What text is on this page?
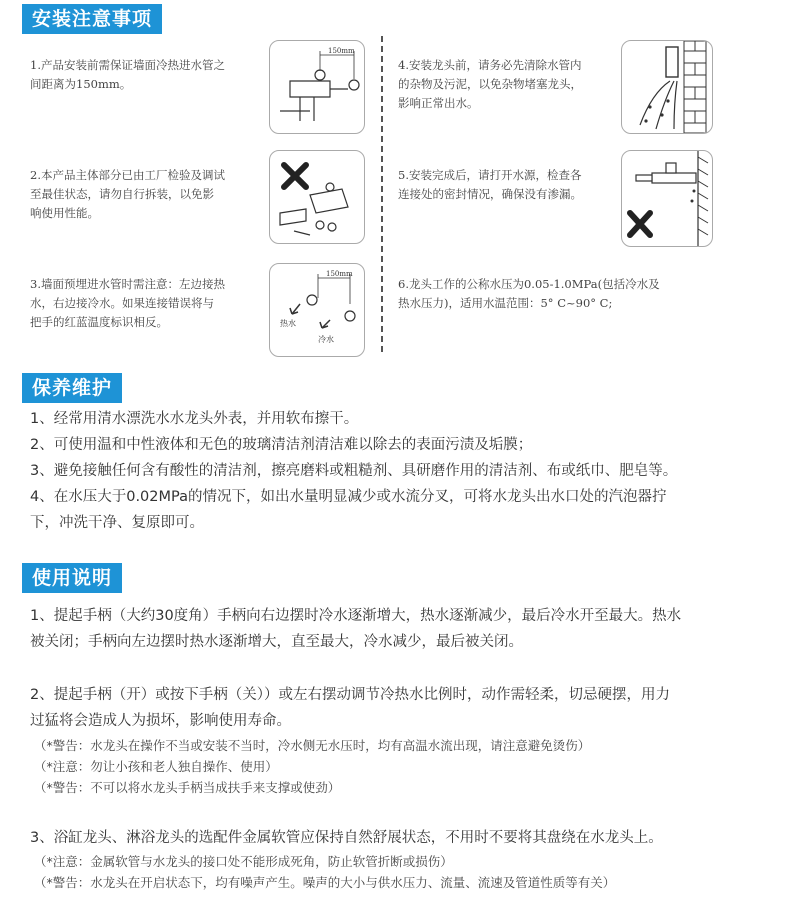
安装注意事项
1.产品安装前需保证墙面冷热进水管之
间距离为150mm。
2.本产品主体部分已由工厂检验及调试
至最佳状态，请勿自行拆装，以免影
响使用性能。
3.墙面预埋进水管时需注意：左边接热
水，右边接冷水。如果连接错误将与
把手的红蓝温度标识相反。
150mm
150mm
热水
冷水
4.安装龙头前，请务必先清除水管内
的杂物及污泥，以免杂物堵塞龙头，
影响正常出水。
5.安装完成后，请打开水源，检查各
连接处的密封情况，确保没有渗漏。
6.龙头工作的公称水压为0.05-1.0MPa(包括冷水及
热水压力)，适用水温范围：5° C~90° C;
保养维护
1、经常用清水漂洗水水龙头外表，并用软布擦干。
2、可使用温和中性液体和无色的玻璃清洁剂清洁难以除去的表面污渍及垢膜；
3、避免接触任何含有酸性的清洁剂，擦亮磨料或粗糙剂、具研磨作用的清洁剂、布或纸巾、肥皂等。
4、在水压大于0.02MPa的情况下，如出水量明显减少或水流分叉，可将水龙头出水口处的汽泡器拧
下，冲洗干净、复原即可。
使用说明
1、提起手柄（大约30度角）手柄向右边摆时冷水逐渐增大，热水逐渐减少，最后冷水开至最大。热水
被关闭；手柄向左边摆时热水逐渐增大，直至最大，冷水减少，最后被关闭。
2、提起手柄（开）或按下手柄（关））或左右摆动调节冷热水比例时，动作需轻柔，切忌硬摆，用力
过猛将会造成人为损坏，影响使用寿命。
（*警告：水龙头在操作不当或安装不当时，冷水侧无水压时，均有高温水流出现，请注意避免烫伤）
（*注意：勿让小孩和老人独自操作、使用）
（*警告：不可以将水龙头手柄当成扶手来支撑或使劲）
3、浴缸龙头、淋浴龙头的选配件金属软管应保持自然舒展状态，不用时不要将其盘绕在水龙头上。
（*注意：金属软管与水龙头的接口处不能形成死角，防止软管折断或损伤）
（*警告：水龙头在开启状态下，均有噪声产生。噪声的大小与供水压力、流量、流速及管道性质等有关）
